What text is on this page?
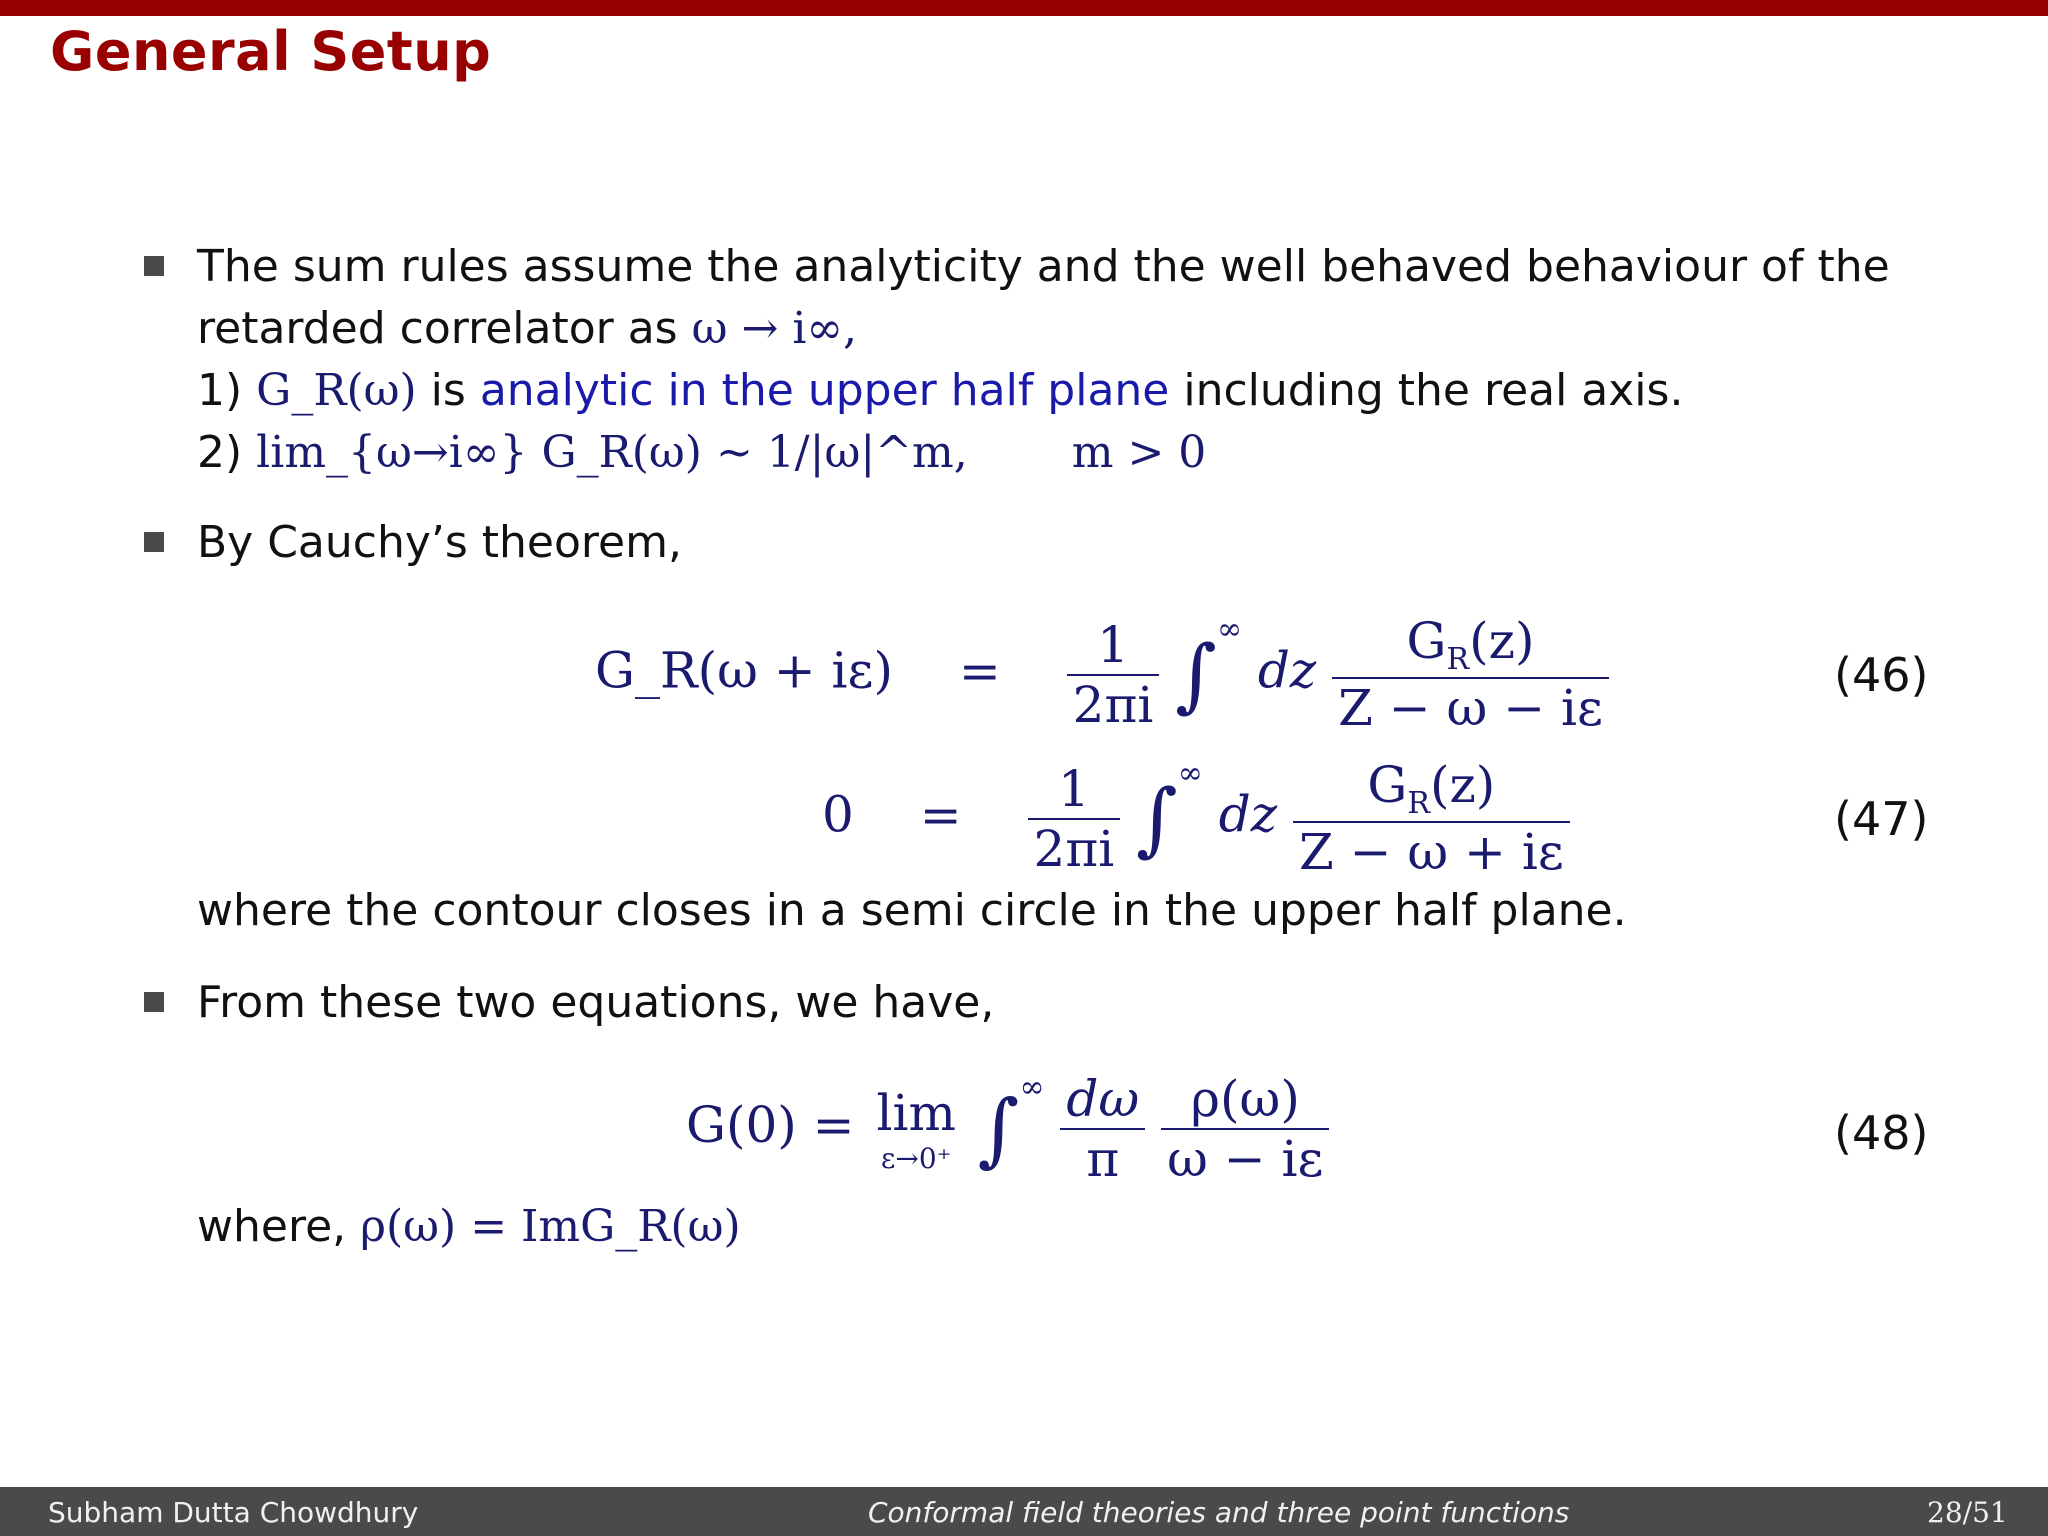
General Setup
The sum rules assume the analyticity and the well behaved behaviour of the
retarded correlator as ω → i∞,
1) G_R(ω) is analytic in the upper half plane including the real axis.
2) lim_{ω→i∞} G_R(ω) ~ 1/|ω|^m, m > 0
By Cauchy’s theorem,
G_R(ω + $i\varepsilon) = \frac{1}{2\pi i} \int^\infty$ dz $\frac{G_R(z)}{Z - \omega - i\varepsilon}$	(46)
$0 = \frac{1}{2\pi i} \int^\infty$ dz $\frac{G_R(z)}{Z - \omega + i\varepsilon}$	(47)
where the contour closes in a semi circle in the upper half plane.
From these two equations, we have,
G(0) = lim
ε→0⁺ $\int^\infty \frac{d\omega}{\pi}$
$\frac{\rho(\omega)}{\omega - i\varepsilon}$	(48)
where, ρ(ω) = ImG_R(ω)
Subham Dutta Chowdhury	Conformal field theories and three point functions	28/51
